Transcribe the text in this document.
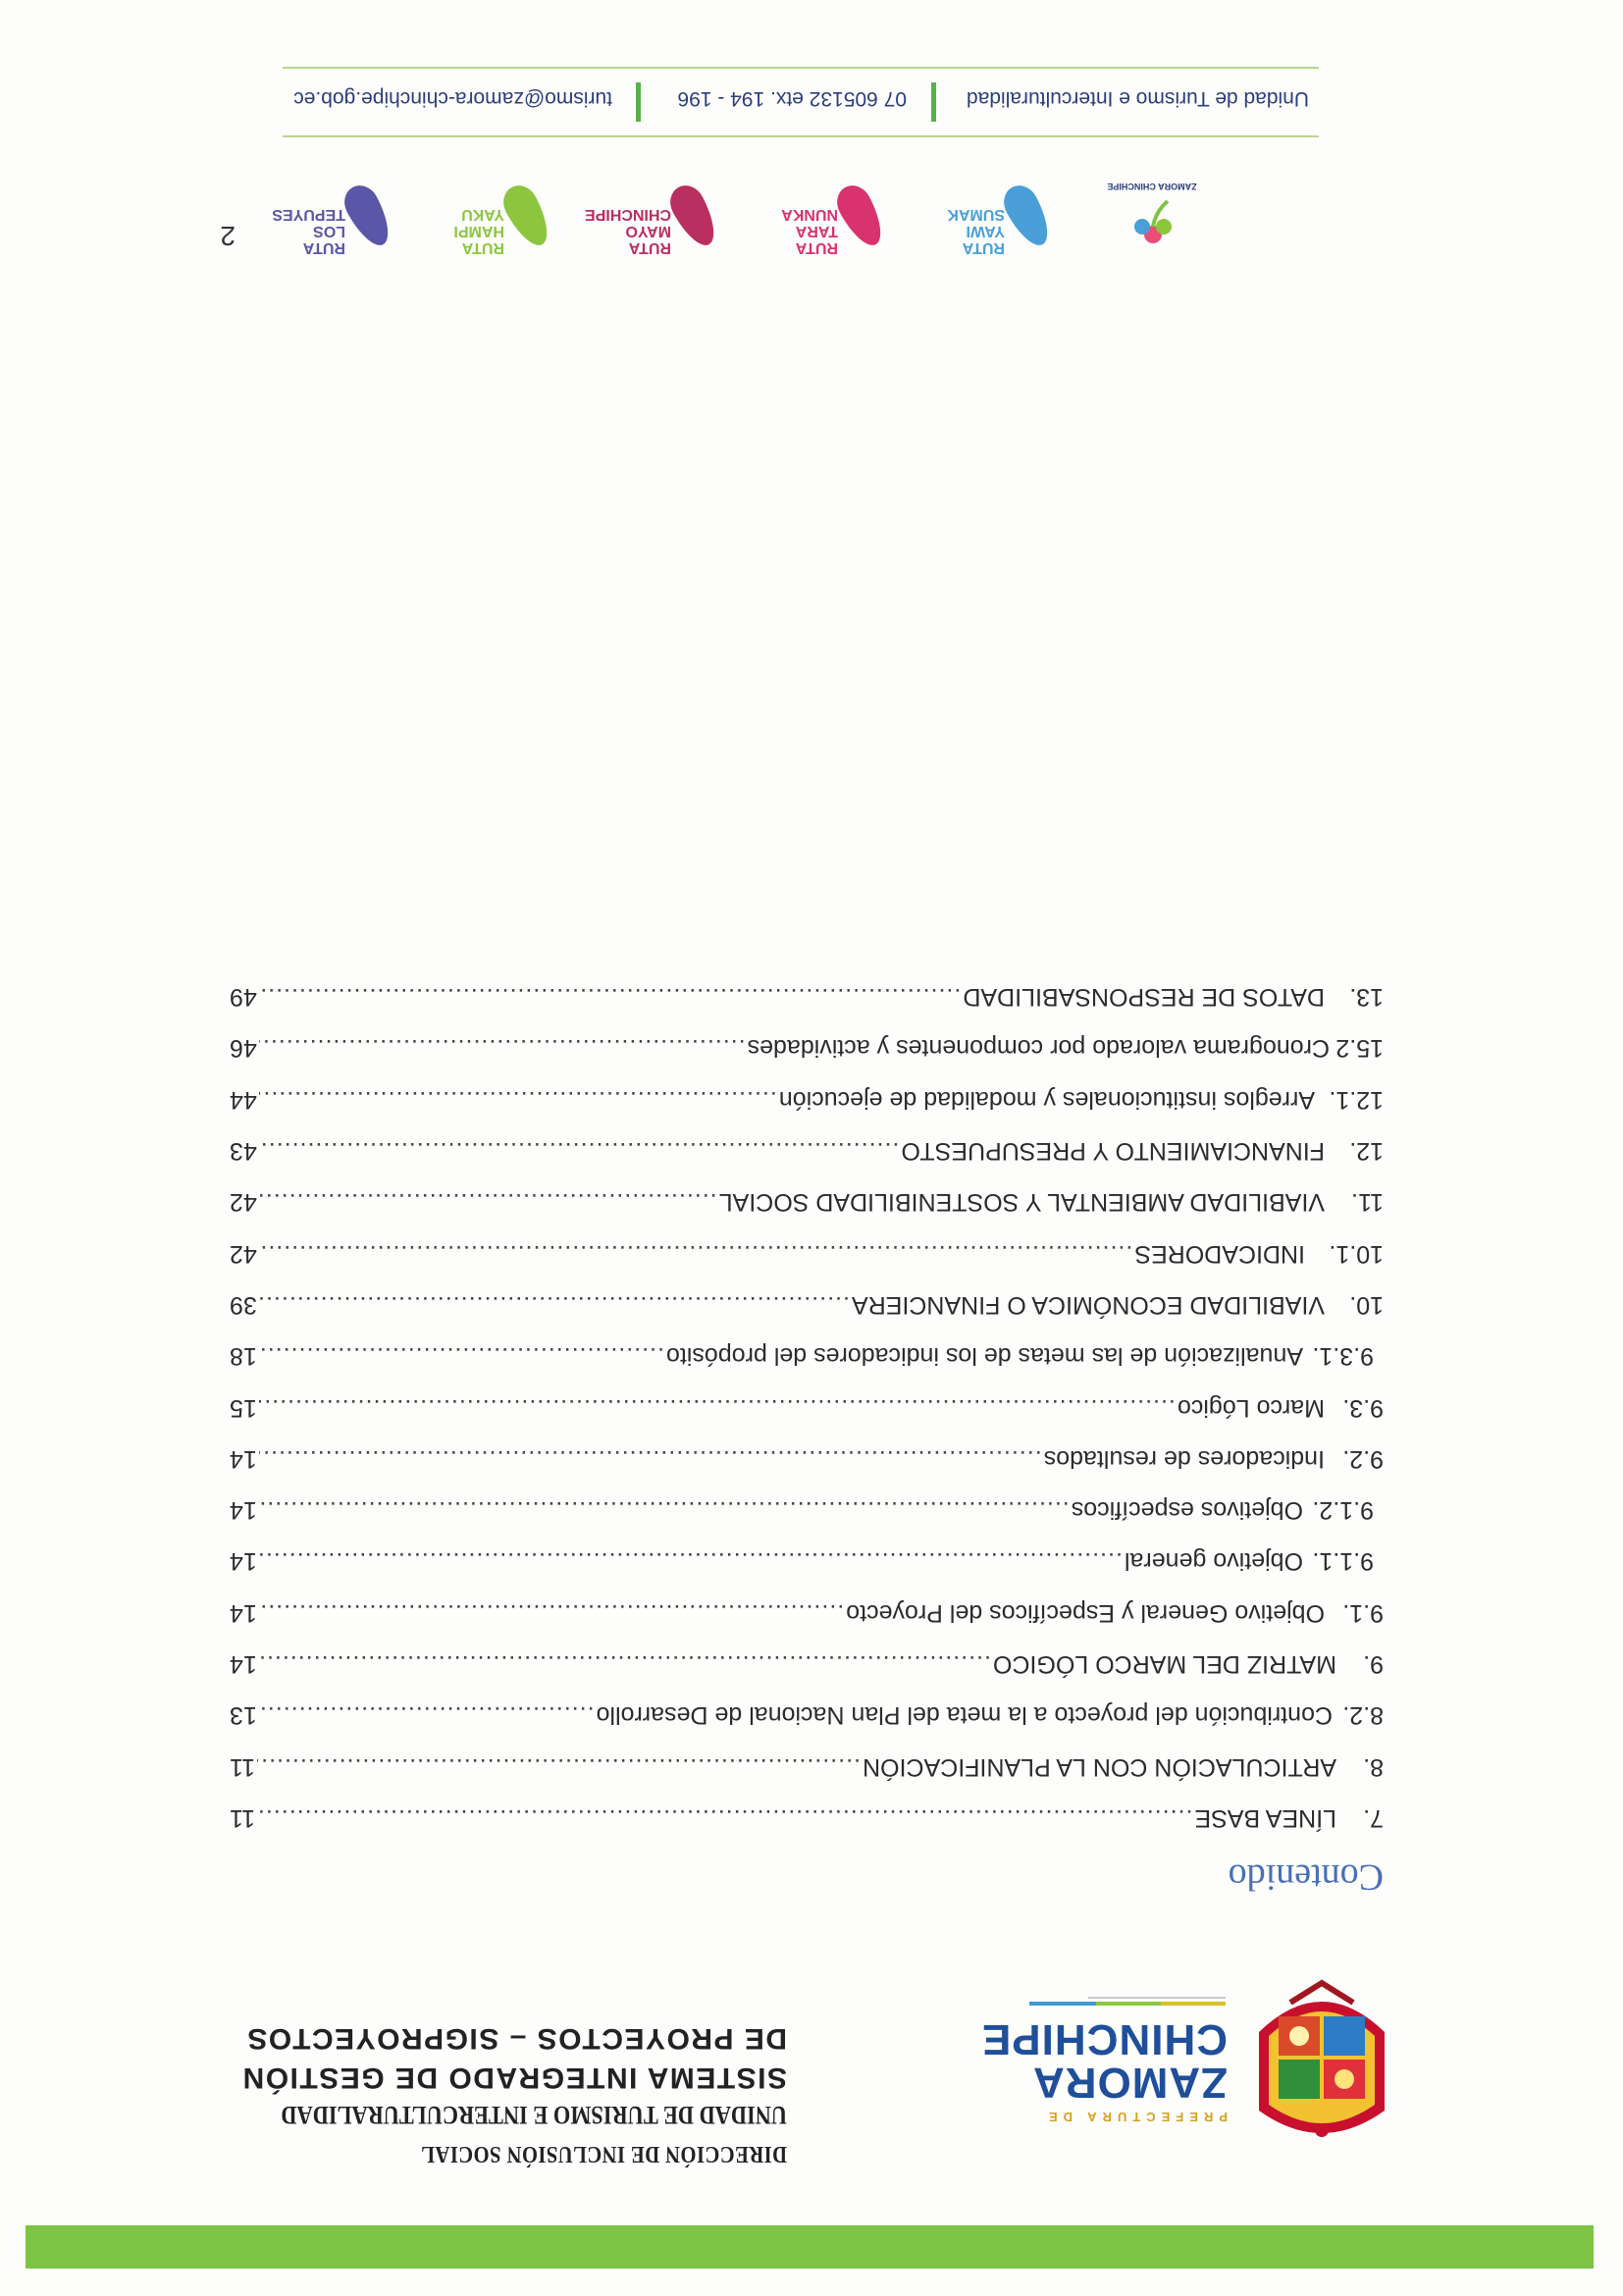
PREFECTURA DE
ZAMORA
CHINCHIPE
DIRECCIÓN DE INCLUSIÓN SOCIAL
UNIDAD DE TURISMO E INTERCULTURALIDAD
SISTEMA INTEGRADO DE GESTIÓN
DE PROYECTOS – SIGPROYECTOS
Contenido
7.
LÍNEA BASE
.....
11
8.
ARTICULACIÓN CON LA PLANIFICACIÓN
.....
11
8.2.
Contribución del proyecto a la meta del Plan Nacional de Desarrollo
.....
13
9.
MATRIZ DEL MARCO LÓGICO
.....
14
9.1.
Objetivo General y Específicos del Proyecto
.....
14
9.1.1.
Objetivo general
.....
14
9.1.2.
Objetivos específicos
.....
14
9.2.
Indicadores de resultados
.....
14
9.3.
Marco Lógico
.....
15
9.3.1.
Anualización de las metas de los indicadores del propósito
.....
18
10.
VIABILIDAD ECONÓMICA O FINANCIERA
.....
39
10.1.
INDICADORES
.....
42
11.
VIABILIDAD AMBIENTAL Y SOSTENIBILIDAD SOCIAL
.....
42
12.
FINANCIAMIENTO Y PRESUPUESTO
.....
43
12.1.
Arreglos institucionales y modalidad de ejecución
.....
44
15.2
Cronograma valorado por componentes y actividades
.....
46
13.
DATOS DE RESPONSABILIDAD
.....
49
2
ZAMORA CHINCHIPE
RUTA
YAWI
SUMAK
RUTA
TARA
NUNKA
RUTA
MAYO
CHINCHIPE
RUTA
HAMPI
YAKU
RUTA
LOS
TEPUYES
Unidad de Turismo e Interculturalidad
07 605132 etx. 194 - 196
turismo@zamora-chinchipe.gob.ec
